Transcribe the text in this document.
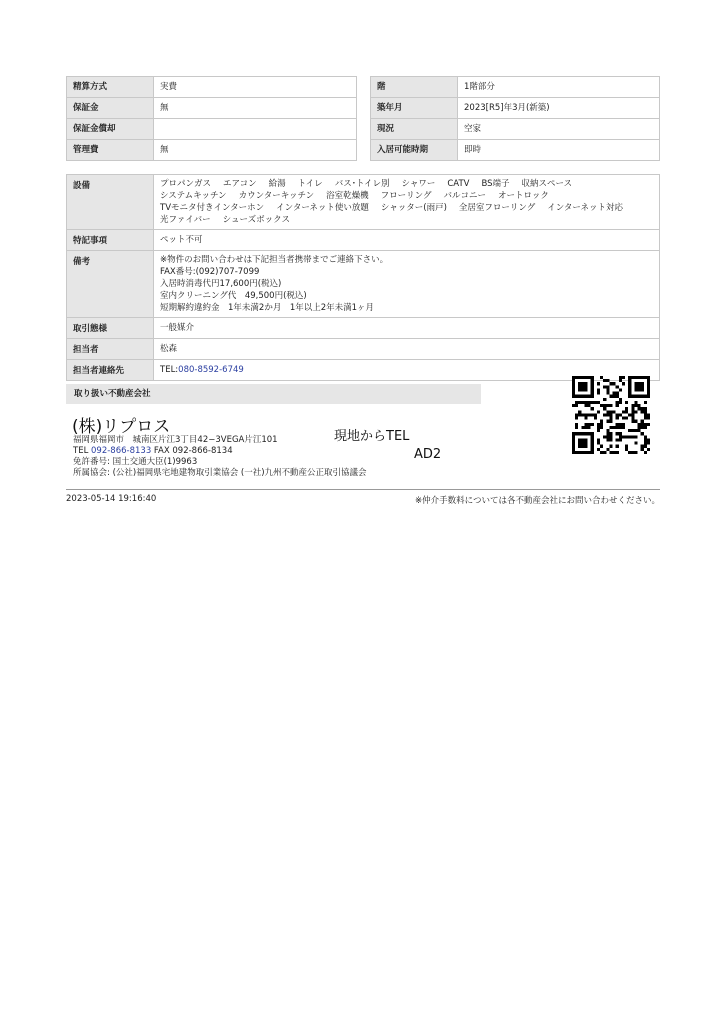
精算方式	実費
保証金	無
保証金償却	
管理費	無
階	1階部分
築年月	2023[R5]年3月(新築)
現況	空家
入居可能時期	即時
設備	プロパンガス エアコン 給湯 トイレ バス･トイレ別 シャワー CATV BS端子 収納スペースシステムキッチン カウンターキッチン 浴室乾燥機 フローリング バルコニー オートロックTVモニタ付きインターホン インターネット使い放題 シャッター(雨戸) 全居室フローリング インターネット対応光ファイバー シューズボックス
特記事項	ペット不可
備考	※物件のお問い合わせは下記担当者携帯までご連絡下さい。
FAX番号:(092)707-7099
入居時消毒代円17,600円(税込)
室内クリーニング代　49,500円(税込)
短期解約違約金　1年未満2か月　1年以上2年未満1ヶ月

取引態様	一般媒介
担当者	松森
担当者連絡先	TEL:080-8592-6749
取り扱い不動産会社
(株)リプロス
福岡県福岡市　城南区片江3丁目42−3VEGA片江101
TEL 092-866-8133 FAX 092-866-8134
免許番号: 国土交通大臣(1)9963
所属協会: (公社)福岡県宅地建物取引業協会 (一社)九州不動産公正取引協議会
現地からTEL
AD2
2023-05-14 19:16:40	※仲介手数料については各不動産会社にお問い合わせください。
